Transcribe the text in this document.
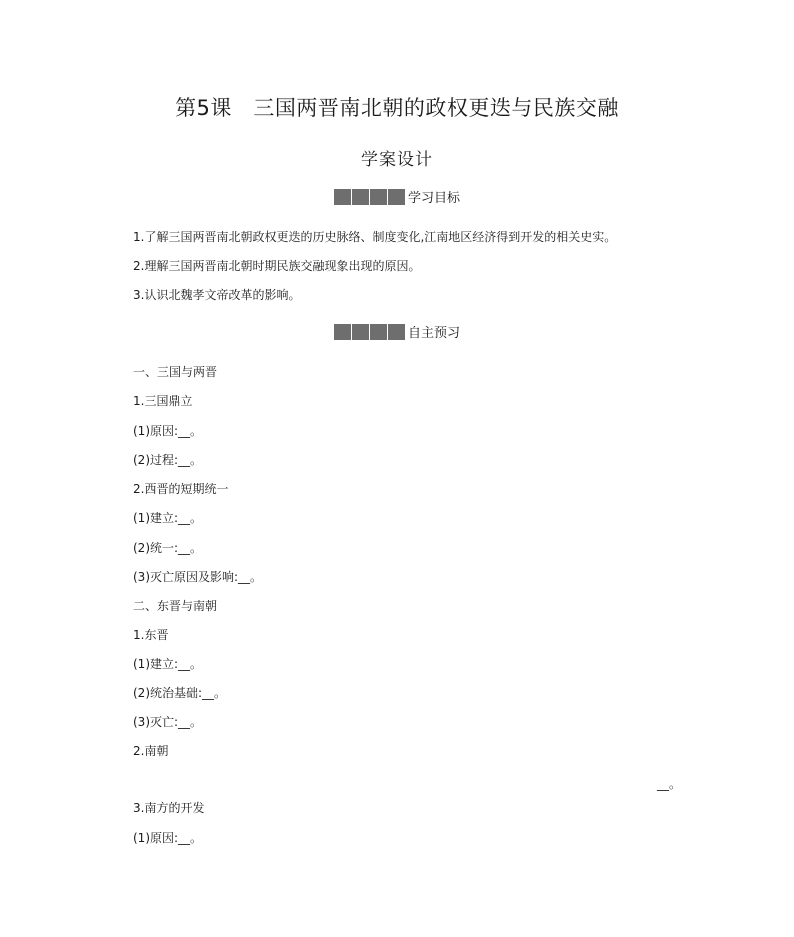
第5课　三国两晋南北朝的政权更迭与民族交融
学案设计
学习目标
1.了解三国两晋南北朝政权更迭的历史脉络、制度变化,江南地区经济得到开发的相关史实。
2.理解三国两晋南北朝时期民族交融现象出现的原因。
3.认识北魏孝文帝改革的影响。
自主预习
一、三国与两晋
1.三国鼎立
(1)原因:__。
(2)过程:__。
2.西晋的短期统一
(1)建立:__。
(2)统一:__。
(3)灭亡原因及影响:__。
二、东晋与南朝
1.东晋
(1)建立:__。
(2)统治基础:__。
(3)灭亡:__。
2.南朝
__。
3.南方的开发
(1)原因:__。
